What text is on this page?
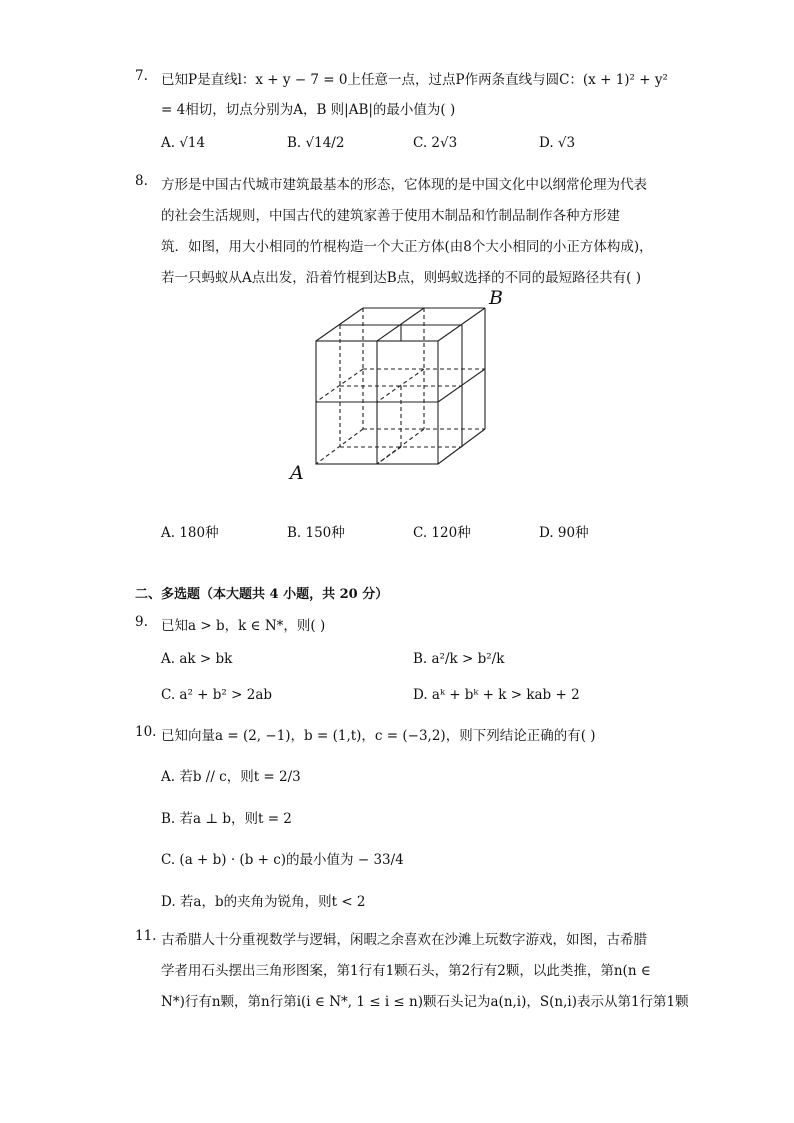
7. 已知P是直线l：x + y − 7 = 0上任意一点，过点P作两条直线与圆C：(x + 1)² + y²
= 4相切，切点分别为A，B 则|AB|的最小值为( )
A. √14	B. √14/2	C. 2√3	D. √3
8. 方形是中国古代城市建筑最基本的形态，它体现的是中国文化中以纲常伦理为代表
的社会生活规则，中国古代的建筑家善于使用木制品和竹制品制作各种方形建
筑．如图，用大小相同的竹棍构造一个大正方体(由8个大小相同的小正方体构成)，
若一只蚂蚁从A点出发，沿着竹棍到达B点，则蚂蚁选择的不同的最短路径共有( )
A
B
A. 180种	B. 150种	C. 120种	D. 90种
二、多选题（本大题共 4 小题，共 20 分）
9. 已知a > b，k ∈ N*，则( )
A. ak > bk	B. a²/k > b²/k
C. a² + b² > 2ab	D. aᵏ + bᵏ + k > kab + 2
10. 已知向量a = (2, −1)，b = (1,t)，c = (−3,2)，则下列结论正确的有( )
A. 若b // c，则t = 2/3
B. 若a ⊥ b，则t = 2
C. (a + b) · (b + c)的最小值为 − 33/4
D. 若a，b的夹角为锐角，则t < 2
11. 古希腊人十分重视数学与逻辑，闲暇之余喜欢在沙滩上玩数字游戏，如图，古希腊
学者用石头摆出三角形图案，第1行有1颗石头，第2行有2颗，以此类推，第n(n ∈
N*)行有n颗，第n行第i(i ∈ N*, 1 ≤ i ≤ n)颗石头记为a(n,i)，S(n,i)表示从第1行第1颗
